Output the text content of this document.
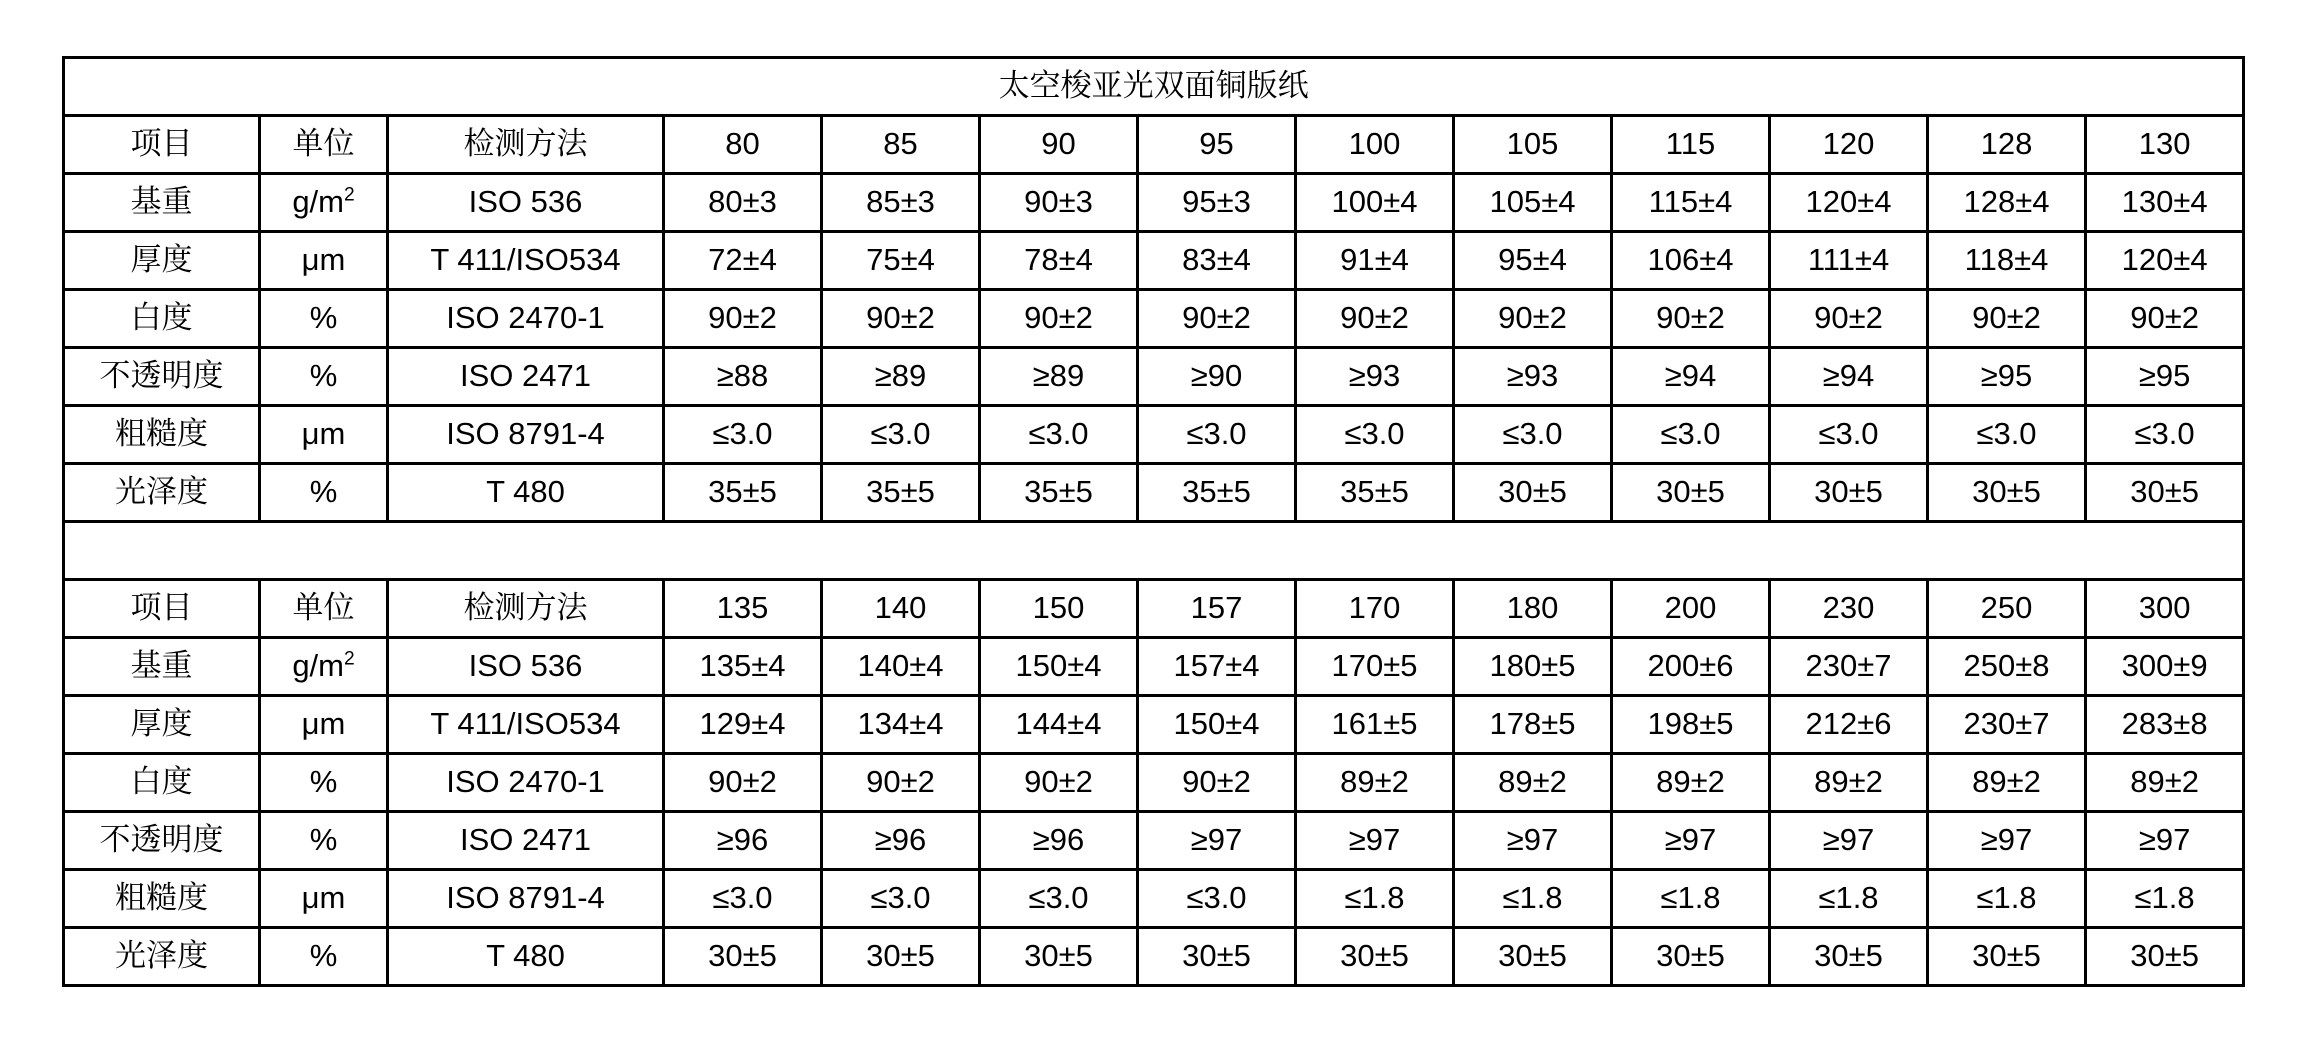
太空梭亚光双面铜版纸												
项目	单位	检测方法	80	85	90	95	100	105	115	120	128	130
基重	$g/m^2$	ISO 536	80±3	85±3	90±3	95±3	100±4	105±4	115±4	120±4	128±4	130±4
厚度	μm	T 411/ISO534	72±4	75±4	78±4	83±4	91±4	95±4	106±4	111±4	118±4	120±4
白度	%	ISO 2470-1	90±2	90±2	90±2	90±2	90±2	90±2	90±2	90±2	90±2	90±2
不透明度	%	ISO 2471	≥88	≥89	≥89	≥90	≥93	≥93	≥94	≥94	≥95	≥95
粗糙度	μm	ISO 8791-4	≤3.0	≤3.0	≤3.0	≤3.0	≤3.0	≤3.0	≤3.0	≤3.0	≤3.0	≤3.0
光泽度	%	T 480	35±5	35±5	35±5	35±5	35±5	30±5	30±5	30±5	30±5	30±5

项目	单位	检测方法	135	140	150	157	170	180	200	230	250	300
基重	$g/m^2$	ISO 536	135±4	140±4	150±4	157±4	170±5	180±5	200±6	230±7	250±8	300±9
厚度	μm	T 411/ISO534	129±4	134±4	144±4	150±4	161±5	178±5	198±5	212±6	230±7	283±8
白度	%	ISO 2470-1	90±2	90±2	90±2	90±2	89±2	89±2	89±2	89±2	89±2	89±2
不透明度	%	ISO 2471	≥96	≥96	≥96	≥97	≥97	≥97	≥97	≥97	≥97	≥97
粗糙度	μm	ISO 8791-4	≤3.0	≤3.0	≤3.0	≤3.0	≤1.8	≤1.8	≤1.8	≤1.8	≤1.8	≤1.8
光泽度	%	T 480	30±5	30±5	30±5	30±5	30±5	30±5	30±5	30±5	30±5	30±5
